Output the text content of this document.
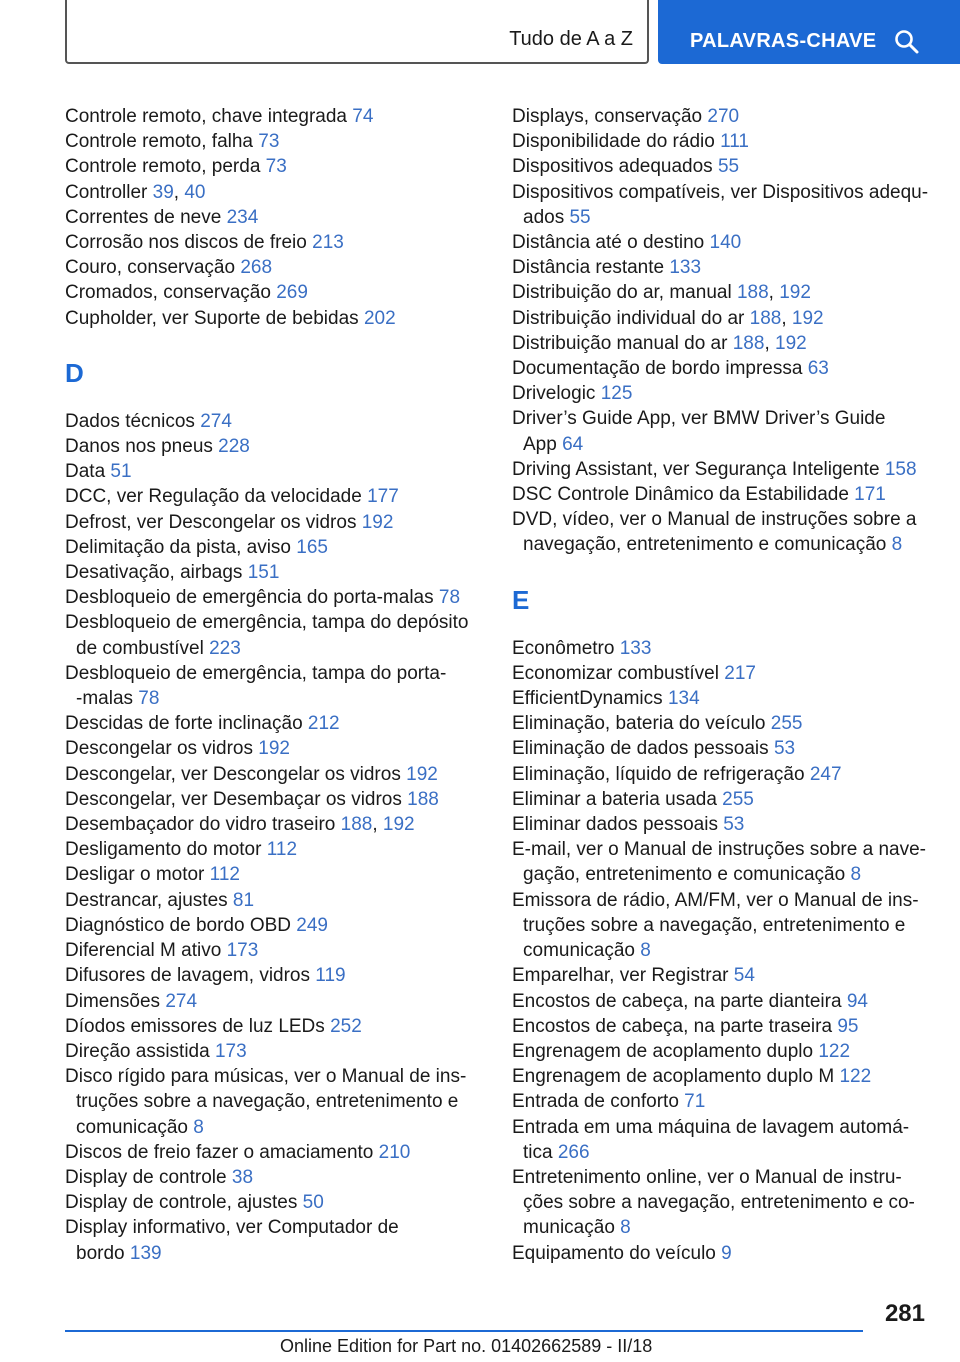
Tudo de A a Z	PALAVRAS-CHAVE
Controle remoto, chave integrada 74
Controle remoto, falha 73
Controle remoto, perda 73
Controller 39, 40
Correntes de neve 234
Corrosão nos discos de freio 213
Couro, conservação 268
Cromados, conservação 269
Cupholder, ver Suporte de bebidas 202
D
Dados técnicos 274
Danos nos pneus 228
Data 51
DCC, ver Regulação da velocidade 177
Defrost, ver Descongelar os vidros 192
Delimitação da pista, aviso 165
Desativação, airbags 151
Desbloqueio de emergência do porta-malas 78
Desbloqueio de emergência, tampa do depósito
de combustível 223
Desbloqueio de emergência, tampa do porta-
-malas 78
Descidas de forte inclinação 212
Descongelar os vidros 192
Descongelar, ver Descongelar os vidros 192
Descongelar, ver Desembaçar os vidros 188
Desembaçador do vidro traseiro 188, 192
Desligamento do motor 112
Desligar o motor 112
Destrancar, ajustes 81
Diagnóstico de bordo OBD 249
Diferencial M ativo 173
Difusores de lavagem, vidros 119
Dimensões 274
Díodos emissores de luz LEDs 252
Direção assistida 173
Disco rígido para músicas, ver o Manual de ins-
truções sobre a navegação, entretenimento e
comunicação 8
Discos de freio fazer o amaciamento 210
Display de controle 38
Display de controle, ajustes 50
Display informativo, ver Computador de
bordo 139
Displays, conservação 270
Disponibilidade do rádio 111
Dispositivos adequados 55
Dispositivos compatíveis, ver Dispositivos adequ-
ados 55
Distância até o destino 140
Distância restante 133
Distribuição do ar, manual 188, 192
Distribuição individual do ar 188, 192
Distribuição manual do ar 188, 192
Documentação de bordo impressa 63
Drivelogic 125
Driver’s Guide App, ver BMW Driver’s Guide
App 64
Driving Assistant, ver Segurança Inteligente 158
DSC Controle Dinâmico da Estabilidade 171
DVD, vídeo, ver o Manual de instruções sobre a
navegação, entretenimento e comunicação 8
E
Econômetro 133
Economizar combustível 217
EfficientDynamics 134
Eliminação, bateria do veículo 255
Eliminação de dados pessoais 53
Eliminação, líquido de refrigeração 247
Eliminar a bateria usada 255
Eliminar dados pessoais 53
E-mail, ver o Manual de instruções sobre a nave-
gação, entretenimento e comunicação 8
Emissora de rádio, AM/FM, ver o Manual de ins-
truções sobre a navegação, entretenimento e
comunicação 8
Emparelhar, ver Registrar 54
Encostos de cabeça, na parte dianteira 94
Encostos de cabeça, na parte traseira 95
Engrenagem de acoplamento duplo 122
Engrenagem de acoplamento duplo M 122
Entrada de conforto 71
Entrada em uma máquina de lavagem automá-
tica 266
Entretenimento online, ver o Manual de instru-
ções sobre a navegação, entretenimento e co-
municação 8
Equipamento do veículo 9
281
Online Edition for Part no. 01402662589 - II/18
